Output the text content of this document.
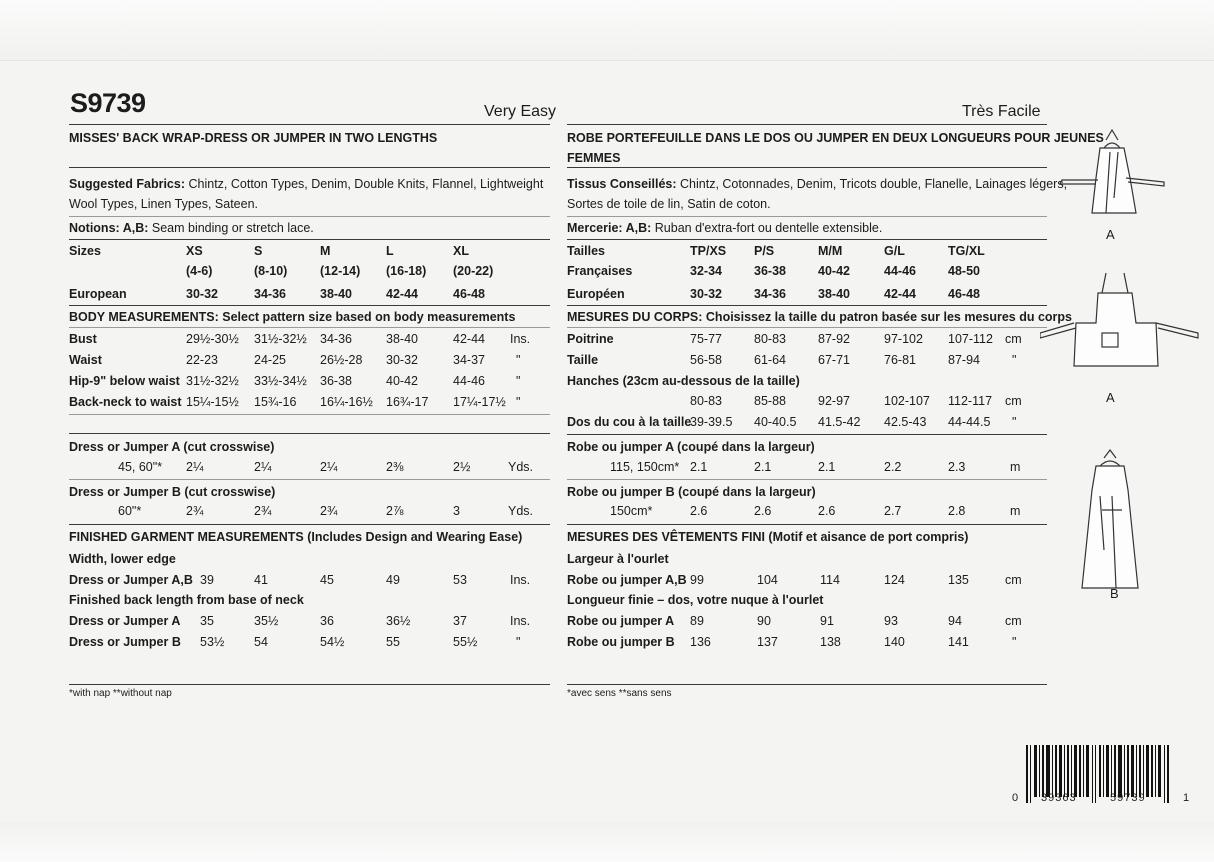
S9739	Very Easy
MISSES' BACK WRAP-DRESS OR JUMPER IN TWO LENGTHS
Suggested Fabrics: Chintz, Cotton Types, Denim, Double Knits, Flannel, Lightweight
Wool Types, Linen Types, Sateen.
Notions: A,B: Seam binding or stretch lace.
Sizes	XS	S	M	L	XL
(4-6)	(8-10)	(12-14) (16-18) (20-22)
European	30-32	34-36	38-40	42-44	46-48
BODY MEASUREMENTS: Select pattern size based on body measurements
Bust	29½-30½ 31½-32½ 34-36	38-40	42-44 Ins.
Waist	22-23	24-25	26½-28 30-32	34-37 "
Hip-9" below waist 31½-32½ 33½-34½ 36-38	40-42	44-46 "
Back-neck to waist 15¼-15½ 15¾-16 16¼-16½ 16¾-17 17¼-17½ "
Dress or Jumper A (cut crosswise)
45, 60"* 2¼	2¼	2¼	2⅜	2½	Yds.
Dress or Jumper B (cut crosswise)
60"*	2¾	2¾	2¾	2⅞	3	Yds.
FINISHED GARMENT MEASUREMENTS (Includes Design and Wearing Ease)
Width, lower edge
Dress or Jumper A,B 39	41	45	49	53	Ins.
Finished back length from base of neck
Dress or Jumper A 35	35½	36	36½	37	Ins.
Dress or Jumper B 53½ 54	54½	55	55½	"
*with nap **without nap
Très Facile
ROBE PORTEFEUILLE DANS LE DOS OU JUMPER EN DEUX LONGUEURS POUR JEUNES
FEMMES
Tissus Conseillés: Chintz, Cotonnades, Denim, Tricots double, Flanelle, Lainages légers,
Sortes de toile de lin, Satin de coton.
Mercerie: A,B: Ruban d'extra-fort ou dentelle extensible.
Tailles	TP/XS P/S	M/M	G/L	TG/XL
Françaises	32-34	36-38	40-42	44-46	48-50
Européen	30-32	34-36	38-40	42-44	46-48
MESURES DU CORPS: Choisissez la taille du patron basée sur les mesures du corps
Poitrine	75-77	80-83	87-92	97-102 107-112 cm
Taille	56-58	61-64	67-71	76-81	87-94	"
Hanches (23cm au-dessous de la taille)
80-83	85-88	92-97	102-107 112-117 cm
Dos du cou à la taille
39-39.5 40-40.5 41.5-42 42.5-43 44-44.5 "
Robe ou jumper A (coupé dans la largeur)
115, 150cm* 2.1	2.1	2.1	2.2	2.3	m
Robe ou jumper B (coupé dans la largeur)
150cm*	2.6	2.6	2.6	2.7	2.8	m
MESURES DES VÊTEMENTS FINI (Motif et aisance de port compris)
Largeur à l'ourlet
Robe ou jumper A,B 99	104	114	124	135	cm
Longueur finie – dos, votre nuque à l'ourlet
Robe ou jumper A 89	90	91	93	94	cm
Robe ou jumper B 136	137	138	140	141	"
*avec sens **sans sens
A
A
B
0 39363	59739	1
